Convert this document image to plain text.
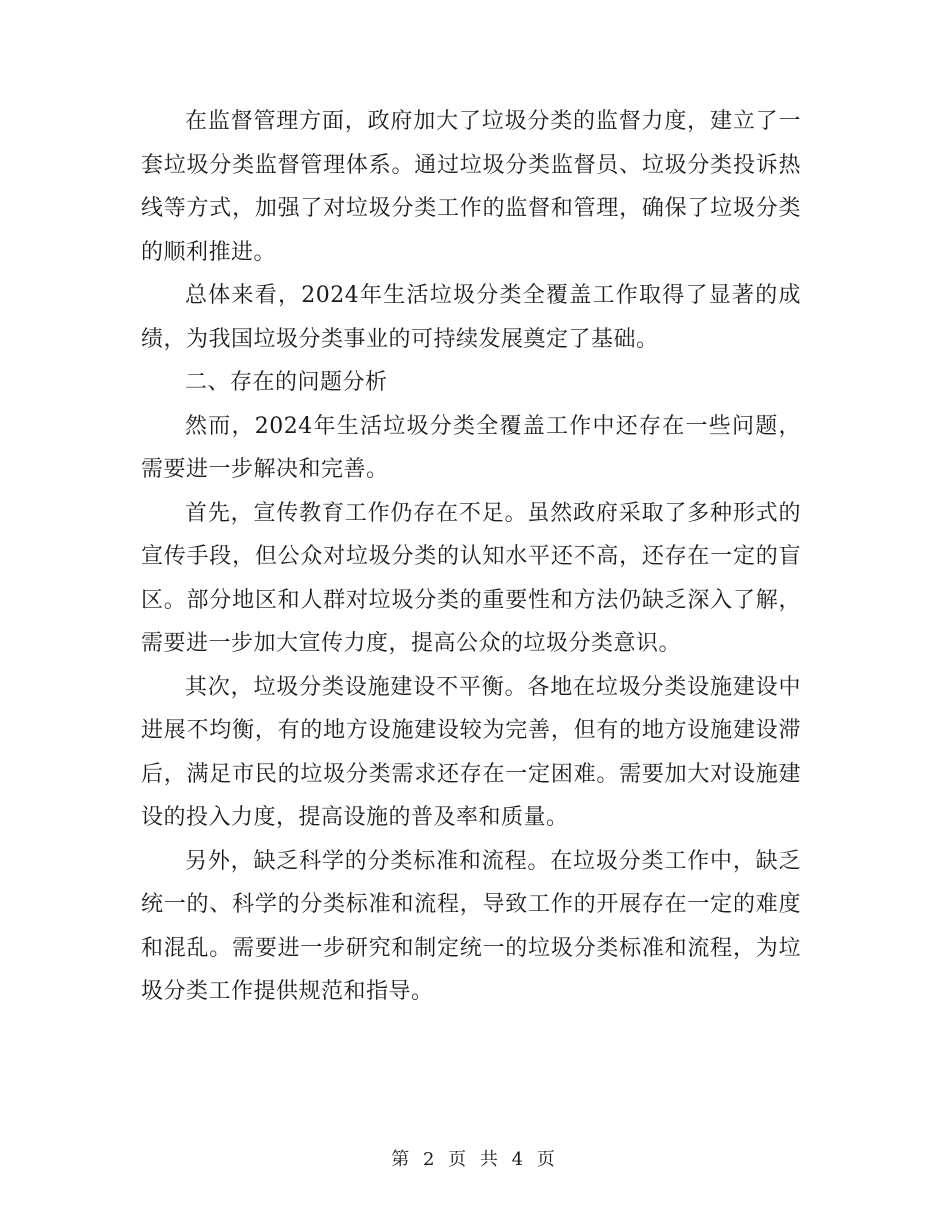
在监督管理方面，政府加大了垃圾分类的监督力度，建立了一套垃圾分类监督管理体系。通过垃圾分类监督员、垃圾分类投诉热线等方式，加强了对垃圾分类工作的监督和管理，确保了垃圾分类的顺利推进。

总体来看，2024年生活垃圾分类全覆盖工作取得了显著的成绩，为我国垃圾分类事业的可持续发展奠定了基础。

二、存在的问题分析

然而，2024年生活垃圾分类全覆盖工作中还存在一些问题，需要进一步解决和完善。

首先，宣传教育工作仍存在不足。虽然政府采取了多种形式的宣传手段，但公众对垃圾分类的认知水平还不高，还存在一定的盲区。部分地区和人群对垃圾分类的重要性和方法仍缺乏深入了解，需要进一步加大宣传力度，提高公众的垃圾分类意识。

其次，垃圾分类设施建设不平衡。各地在垃圾分类设施建设中进展不均衡，有的地方设施建设较为完善，但有的地方设施建设滞后，满足市民的垃圾分类需求还存在一定困难。需要加大对设施建设的投入力度，提高设施的普及率和质量。

另外，缺乏科学的分类标准和流程。在垃圾分类工作中，缺乏统一的、科学的分类标准和流程，导致工作的开展存在一定的难度和混乱。需要进一步研究和制定统一的垃圾分类标准和流程，为垃圾分类工作提供规范和指导。

第 2 页 共 4 页
